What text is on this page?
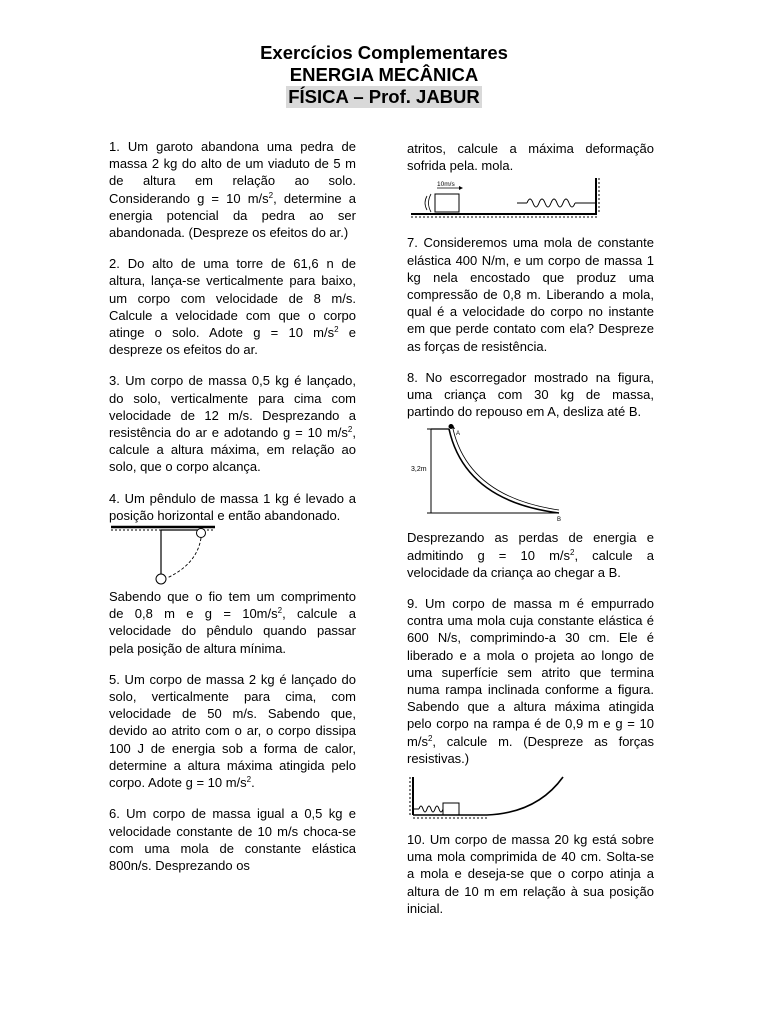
Exercícios Complementares
ENERGIA MECÂNICA
FÍSICA – Prof. JABUR

1. Um garoto abandona uma pedra de massa 2 kg do alto de um viaduto de 5 m de altura em relação ao solo. Considerando g = 10 $m/s^2$, determine a energia potencial da pedra ao ser abandonada. (Despreze os efeitos do ar.)

2. Do alto de uma torre de 61,6 n de altura, lança-se verticalmente para baixo, um corpo com velocidade de 8 m/s. Calcule a velocidade com que o corpo atinge o solo. Adote g = 10 $m/s^2$ e despreze os efeitos do ar.

3. Um corpo de massa 0,5 kg é lançado, do solo, verticalmente para cima com velocidade de 12 m/s. Desprezando a resistência do ar e adotando g = 10 $m/s^2$, calcule a altura máxima, em relação ao solo, que o corpo alcança.

4. Um pêndulo de massa 1 kg é levado a posição horizontal e então abandonado.

Sabendo que o fio tem um comprimento de 0,8 m e $g = 10m/s^2$, calcule a velocidade do pêndulo quando passar pela posição de altura mínima.

5. Um corpo de massa 2 kg é lançado do solo, verticalmente para cima, com velocidade de 50 m/s. Sabendo que, devido ao atrito com o ar, o corpo dissipa 100 J de energia sob a forma de calor, determine a altura máxima atingida pelo corpo. Adote g = 10 $m/s^2$.

6. Um corpo de massa igual a 0,5 kg e velocidade constante de 10 m/s choca-se com uma mola de constante elástica 800n/s. Desprezando os

atritos, calcule a máxima deformação sofrida pela. mola.

10m/s

7. Consideremos uma mola de constante elástica 400 N/m, e um corpo de massa 1 kg nela encostado que produz uma compressão de 0,8 m. Liberando a mola, qual é a velocidade do corpo no instante em que perde contato com ela? Despreze as forças de resistência.

8. No escorregador mostrado na figura, uma criança com 30 kg de massa, partindo do repouso em A, desliza até B.

3,2m
A
B

Desprezando as perdas de energia e admitindo g = 10 $m/s^2$, calcule a velocidade da criança ao chegar a B.

9. Um corpo de massa m é empurrado contra uma mola cuja constante elástica é 600 N/s, comprimindo-a 30 cm. Ele é liberado e a mola o projeta ao longo de uma superfície sem atrito que termina numa rampa inclinada conforme a figura. Sabendo que a altura máxima atingida pelo corpo na rampa é de 0,9 m e g = 10 $m/s^2$, calcule m. (Despreze as forças resistivas.)

10. Um corpo de massa 20 kg está sobre uma mola comprimida de 40 cm. Solta-se a mola e deseja-se que o corpo atinja a altura de 10 m em relação à sua posição inicial.
